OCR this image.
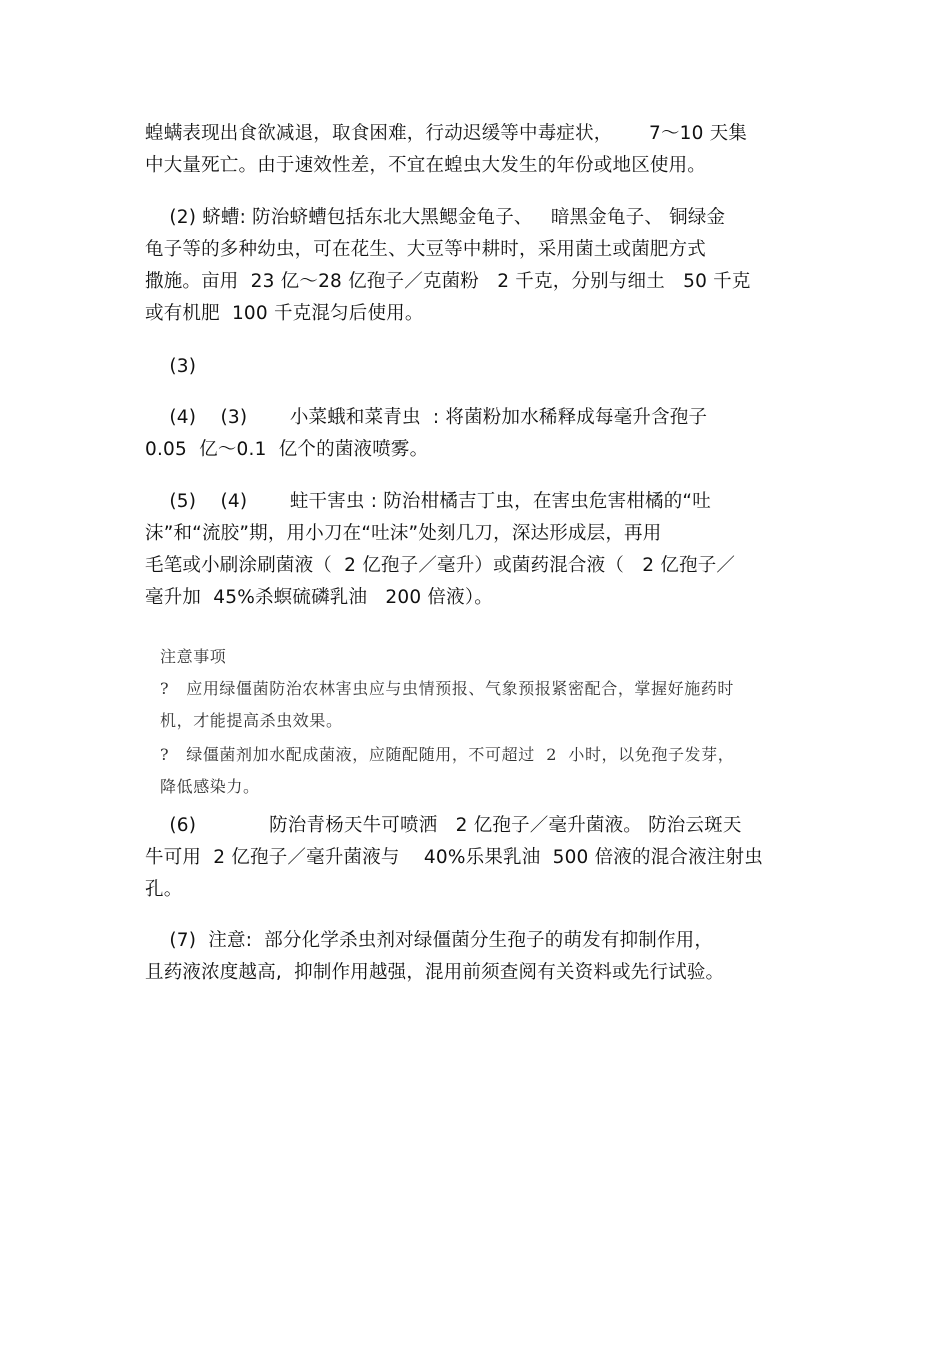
蝗螨表现出食欲减退，取食困难，行动迟缓等中毒症状，      7～10 天集
中大量死亡。由于速效性差，不宜在蝗虫大发生的年份或地区使用。
(2) 蛴螬: 防治蛴螬包括东北大黑鳃金龟子、   暗黑金龟子、 铜绿金
龟子等的多种幼虫，可在花生、大豆等中耕时，采用菌土或菌肥方式
撒施。亩用  23 亿～28 亿孢子／克菌粉   2 千克，分别与细土   50 千克
或有机肥  100 千克混匀后使用。
(3)
(4)    (3)       小菜蛾和菜青虫  : 将菌粉加水稀释成每毫升含孢子
0.05  亿～0.1  亿个的菌液喷雾。
(5)    (4)       蛀干害虫 : 防治柑橘吉丁虫，在害虫危害柑橘的“吐
沫”和“流胶”期，用小刀在“吐沫”处刻几刀，深达形成层，再用
毛笔或小刷涂刷菌液（  2 亿孢子／毫升）或菌药混合液（   2 亿孢子／
毫升加  45%杀螟硫磷乳油   200 倍液）。
注意事项
?   应用绿僵菌防治农林害虫应与虫情预报、气象预报紧密配合，掌握好施药时
机，才能提高杀虫效果。
?   绿僵菌剂加水配成菌液，应随配随用，不可超过  2  小时，以免孢子发芽，
降低感染力。
(6)            防治青杨天牛可喷洒   2 亿孢子／毫升菌液。 防治云斑天
牛可用  2 亿孢子／毫升菌液与    40%乐果乳油  500 倍液的混合液注射虫
孔。
(7)  注意:  部分化学杀虫剂对绿僵菌分生孢子的萌发有抑制作用，
且药液浓度越高,  抑制作用越强，混用前须查阅有关资料或先行试验。
